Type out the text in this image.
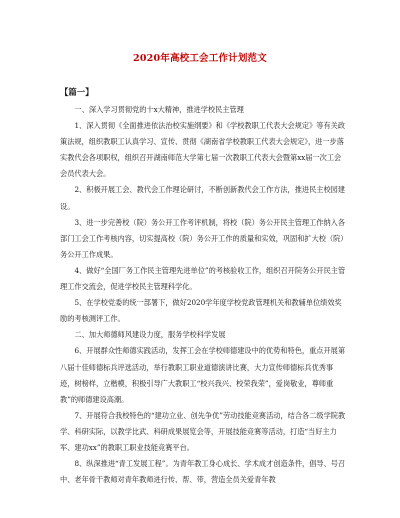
2020年高校工会工作计划范文
【篇一】

一、深入学习贯彻党的十x大精神，推进学校民主管理

1、深入贯彻《全面推进依法治校实施纲要》和《学校教职工代表大会规定》等有关政策法规，组织教职工认真学习、宣传、贯彻《湖南省学校教职工代表大会规定》，进一步落实教代会各项职权，组织召开湖南师范大学第七届一次教职工代表大会暨第xx届一次工会会员代表大会。

2、积极开展工会、教代会工作理论研讨，不断创新教代会工作方法，推进民主校园建设。

3、进一步完善校（院）务公开工作考评机制，将校（院）务公开民主管理工作纳入各部门工会工作考核内容，切实提高校（院）务公开工作的质量和实效，巩固和扩大校（院）务公开工作成果。

4、做好“全国厂务工作民主管理先进单位”的考核验收工作，组织召开院务公开民主管理工作交流会，促进学校民主管理科学化。

5、在学校党委的统一部署下，做好2020学年度学校党政管理机关和教辅单位绩效奖励的考核测评工作。

二、加大师德师风建设力度，服务学校科学发展

6、开展群众性师德实践活动，发挥工会在学校师德建设中的优势和特色，重点开展第八届十佳师德标兵评选活动，举行教职工职业道德演讲比赛，大力宣传师德标兵优秀事迹，树榜样，立楷模，积极引导广大教职工“校兴我兴、校荣我荣”，爱岗敬业，尊师重教”的师德建设高潮。

7、开展符合我校特色的“建功立业、创先争优”劳动技能竞赛活动，结合各二级学院教学、科研实际，以教学比武、科研成果展览会等，开展技能竞赛等活动，打造“当好主力军、建功xx”的教职工职业技能竞赛平台。

8、纵深推进“青工发展工程”。为青年教工身心成长、学术成才创造条件，倡导、号召中、老年骨干教师对青年教师进行传、帮、带，营造全员关爱青年教
